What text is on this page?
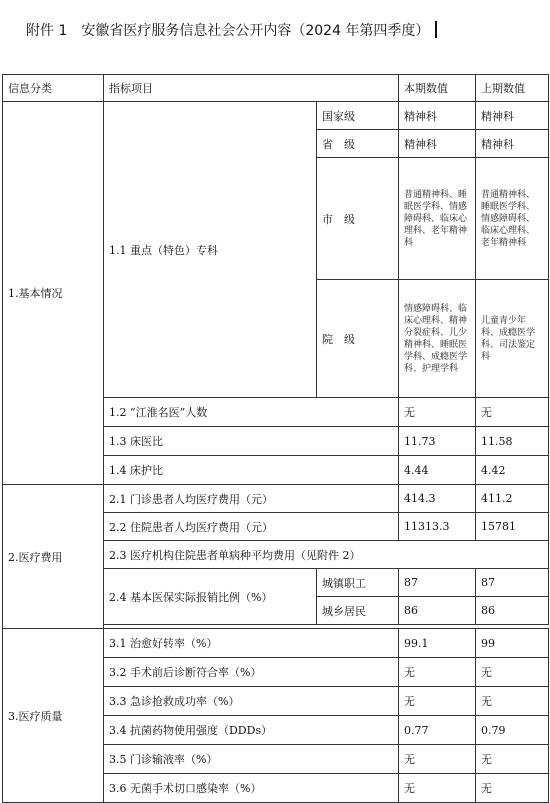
附件 1　安徽省医疗服务信息社会公开内容（2024 年第四季度）
信息分类	指标项目		本期数值	上期数值
1.基本情况	1.1 重点（特色）专科	国家级	精神科	精神科
		省　级	精神科	精神科
		市　级	普通精神科、睡眠医学科、情感障碍科、临床心理科、老年精神科	普通精神科、睡眠医学科、情感障碍科、临床心理科、老年精神科
		院　级	情感障碍科、临床心理科、精神分裂症科、儿少精神科、睡眠医学科、成瘾医学科、护理学科	儿童青少年科、成瘾医学科、司法鉴定科
	1.2 “江淮名医”人数		无	无
	1.3 床医比		11.73	11.58
	1.4 床护比		4.44	4.42
2.医疗费用	2.1 门诊患者人均医疗费用（元）		414.3	411.2
	2.2 住院患者人均医疗费用（元）		11313.3	15781
	2.3 医疗机构住院患者单病种平均费用（见附件 2）			
	2.4 基本医保实际报销比例（%）	城镇职工	87	87
		城乡居民	86	86

3.医疗质量	3.1 治愈好转率（%）		99.1	99
	3.2 手术前后诊断符合率（%）		无	无
	3.3 急诊抢救成功率（%）		无	无
	3.4 抗菌药物使用强度（DDDs）		0.77	0.79
	3.5 门诊输液率（%）		无	无
	3.6 无菌手术切口感染率（%）		无	无
